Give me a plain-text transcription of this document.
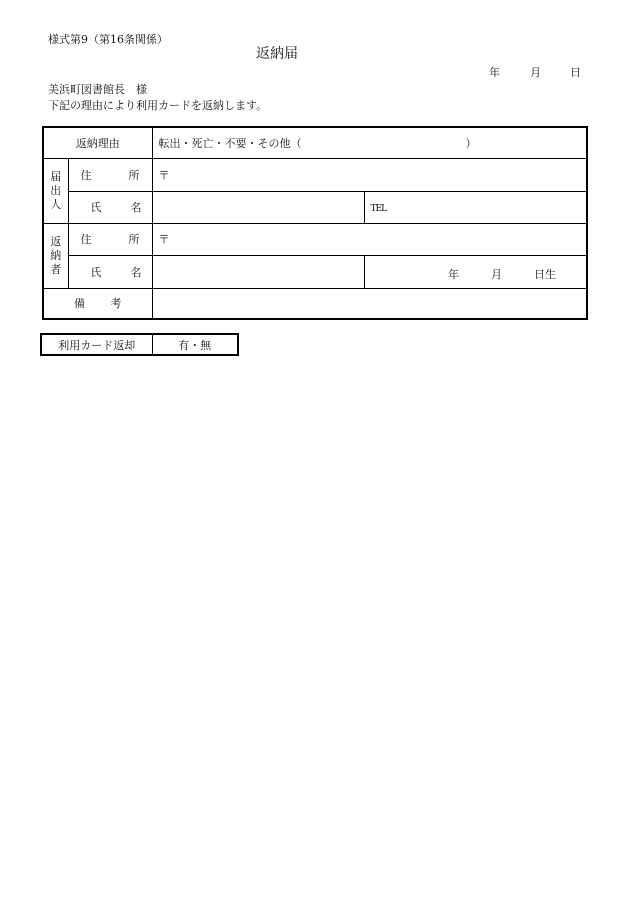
様式第9（第16条関係）
返納届
年	月	日
美浜町図書館長　様
下記の理由により利用カードを返納します。
返納理由		転出・死亡・不要・その他（ ）	

届
出
人	住 所	〒	

	氏 名		TEL

返
納
者	住 所	〒	

	氏 名		年 月 日生

備 考			

利用カード返却	有・無
